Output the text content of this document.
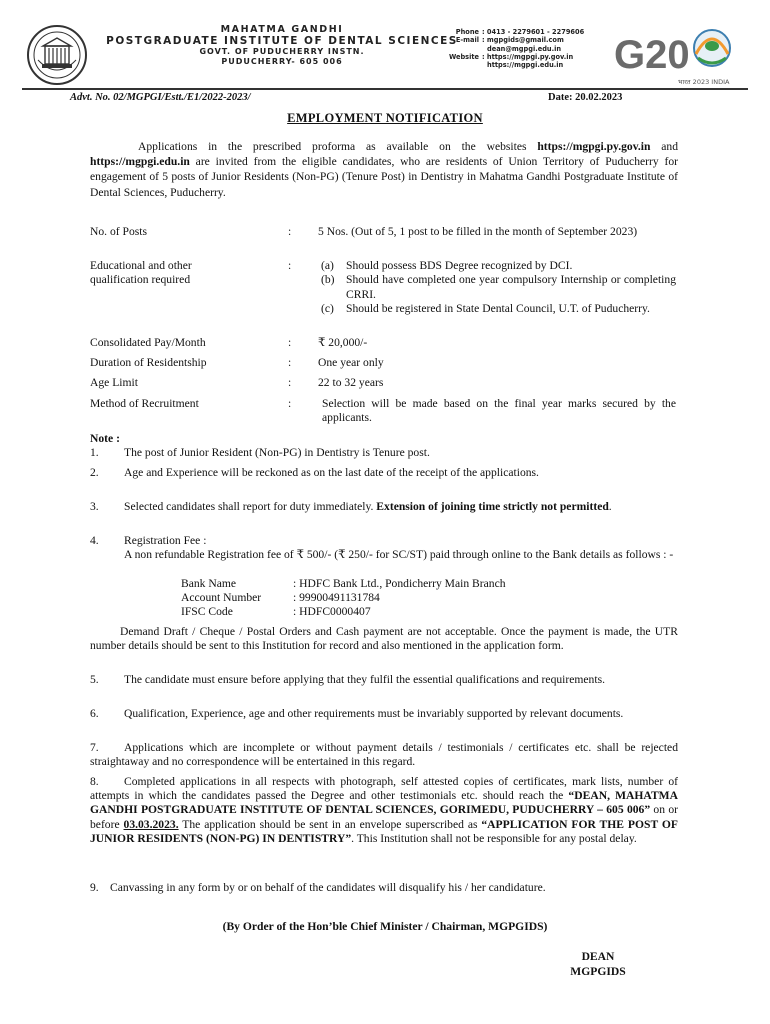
MAHATMA GANDHI
POSTGRADUATE INSTITUTE OF DENTAL SCIENCES
GOVT. OF PUDUCHERRY INSTN.
PUDUCHERRY- 605 006
Phone : 0413 - 2279601 - 2279606
E-mail : mgpgids@gmail.com
dean@mgpgi.edu.in
Website : https://mgpgi.py.gov.in
https://mgpgi.edu.in	G20
भारत 2023 INDIA
Advt. No. 02/MGPGI/Estt./E1/2022-2023/	Date: 20.02.2023
EMPLOYMENT NOTIFICATION
Applications in the prescribed proforma as available on the websites https://mgpgi.py.gov.in and https://mgpgi.edu.in are invited from the eligible candidates, who are residents of Union Territory of Puducherry for engagement of 5 posts of Junior Residents (Non-PG) (Tenure Post) in Dentistry in Mahatma Gandhi Postgraduate Institute of Dental Sciences, Puducherry.
No. of Posts	: 5 Nos. (Out of 5, 1 post to be filled in the month of September 2023)
Educational and other qualification required
:	(a)	Should possess BDS Degree recognized by DCI.
(b) Should have completed one year compulsory Internship or completing CRRI.
(c)	Should be registered in State Dental Council, U.T. of Puducherry.
Consolidated Pay/Month	: ₹ 20,000/-
Duration of Residentship	: One year only
Age Limit	: 22 to 32 years
Method of Recruitment	:	Selection will be made based on the final year marks secured by the applicants.
Note :
1. The post of Junior Resident (Non-PG) in Dentistry is Tenure post.
2. Age and Experience will be reckoned as on the last date of the receipt of the applications.
3. Selected candidates shall report for duty immediately. Extension of joining time strictly not permitted.
4. Registration Fee :
A non refundable Registration fee of ₹ 500/- (₹ 250/- for SC/ST) paid through online to the Bank details as follows : -
Bank Name	: HDFC Bank Ltd., Pondicherry Main Branch
Account Number	: 99900491131784
IFSC Code	: HDFC0000407
Demand Draft / Cheque / Postal Orders and Cash payment are not acceptable. Once the payment is made, the UTR number details should be sent to this Institution for record and also mentioned in the application form.
5. The candidate must ensure before applying that they fulfil the essential qualifications and requirements.
6. Qualification, Experience, age and other requirements must be invariably supported by relevant documents.
7. Applications which are incomplete or without payment details / testimonials / certificates etc. shall be rejected straightaway and no correspondence will be entertained in this regard.
8. Completed applications in all respects with photograph, self attested copies of certificates, mark lists, number of attempts in which the candidates passed the Degree and other testimonials etc. should reach the “DEAN, MAHATMA GANDHI POSTGRADUATE INSTITUTE OF DENTAL SCIENCES, GORIMEDU, PUDUCHERRY – 605 006” on or before 03.03.2023. The application should be sent in an envelope superscribed as “APPLICATION FOR THE POST OF JUNIOR RESIDENTS (NON-PG) IN DENTISTRY”. This Institution shall not be responsible for any postal delay.
9. Canvassing in any form by or on behalf of the candidates will disqualify his / her candidature.
(By Order of the Hon’ble Chief Minister / Chairman, MGPGIDS)
DEAN
MGPGIDS
